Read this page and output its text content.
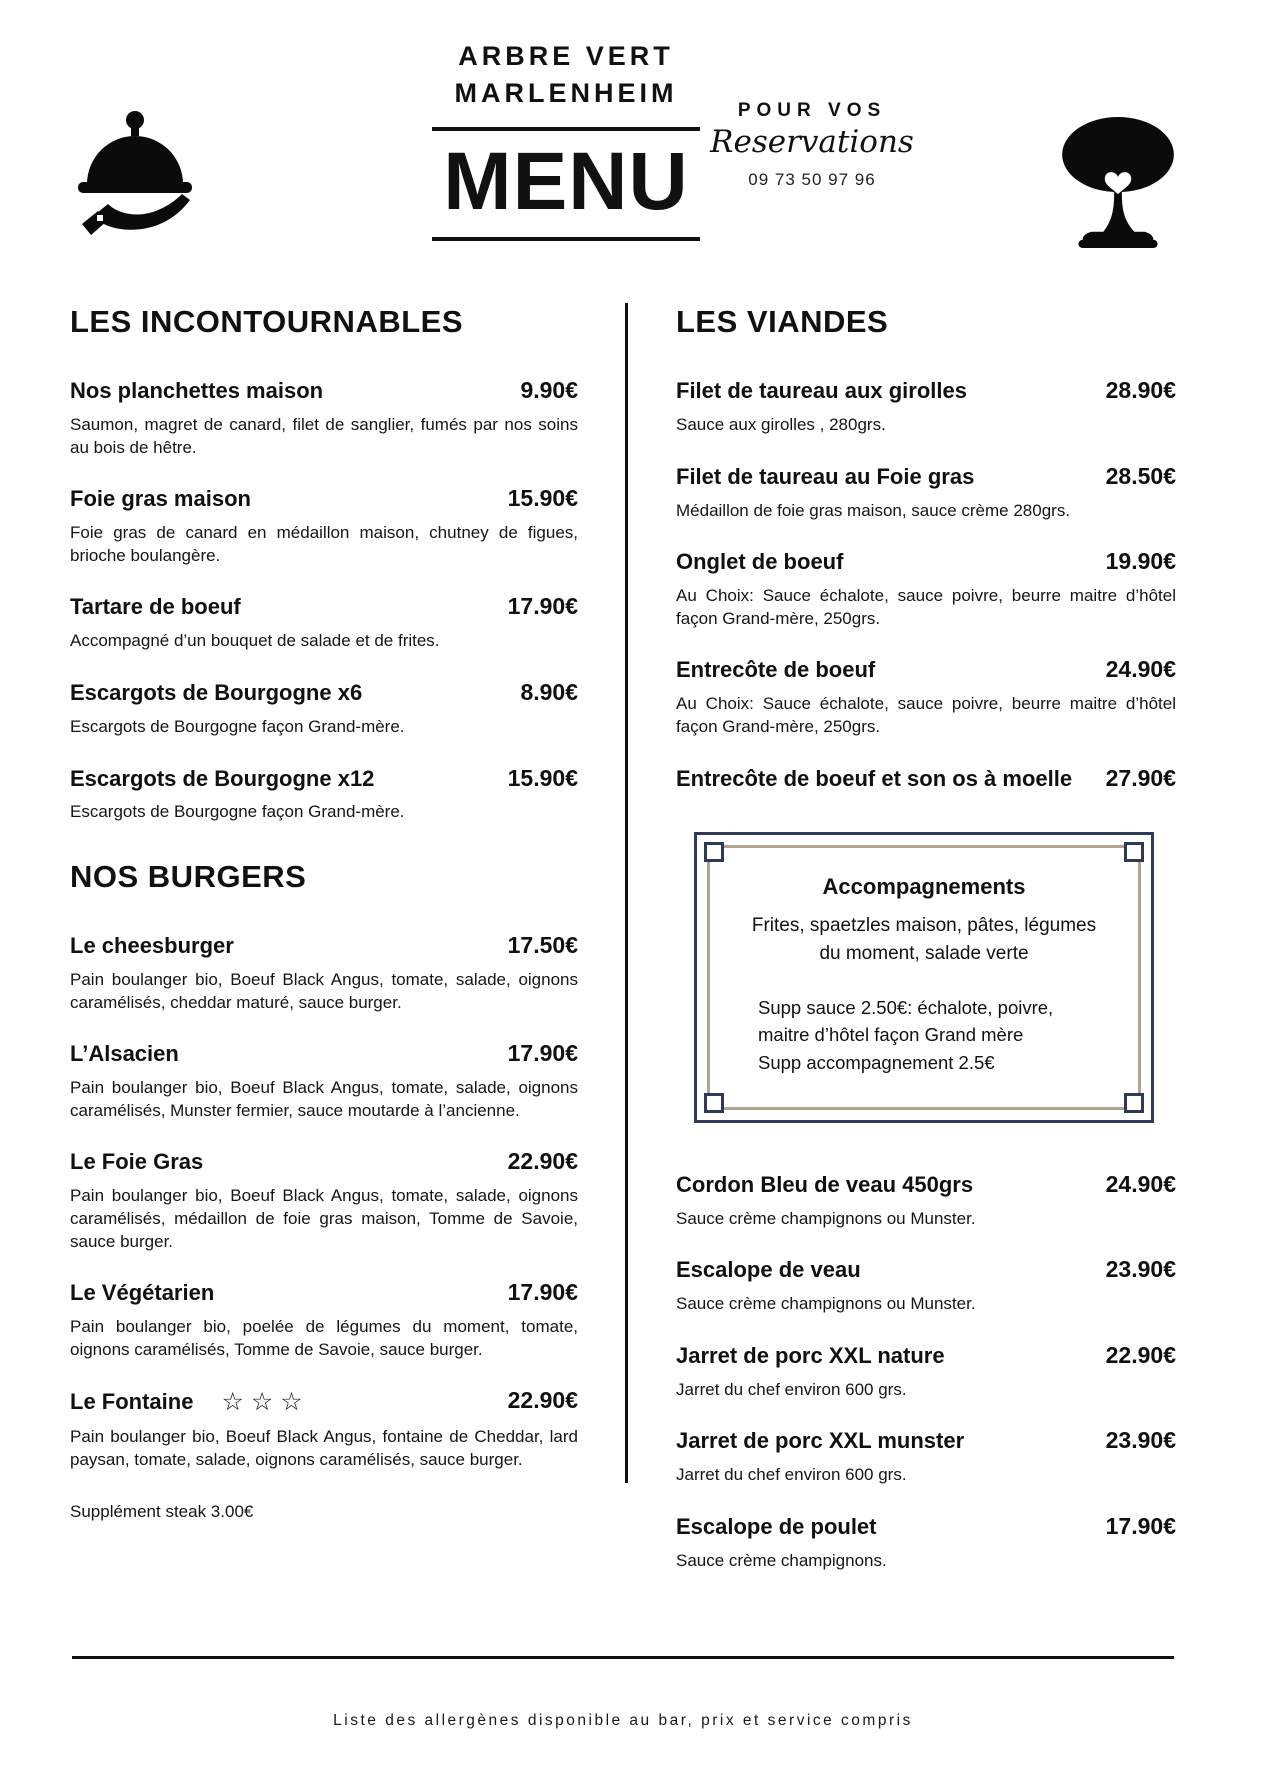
ARBRE VERT
MARLENHEIM
MENU
POUR VOS
Reservations
09 73 50 97 96
LES INCONTOURNABLES
Nos planchettes maison	9.90€
Saumon, magret de canard, filet de sanglier, fumés par nos soins au bois de hêtre.
Foie gras maison	15.90€
Foie gras de canard en médaillon maison, chutney de figues, brioche boulangère.
Tartare de boeuf	17.90€
Accompagné d’un bouquet de salade et de frites.
Escargots de Bourgogne x6	8.90€
Escargots de Bourgogne façon Grand-mère.
Escargots de Bourgogne x12	15.90€
Escargots de Bourgogne façon Grand-mère.
NOS BURGERS
Le cheesburger	17.50€
Pain boulanger bio, Boeuf Black Angus, tomate, salade, oignons caramélisés, cheddar maturé, sauce burger.
L’Alsacien	17.90€
Pain boulanger bio, Boeuf Black Angus, tomate, salade, oignons caramélisés, Munster fermier, sauce moutarde à l’ancienne.
Le Foie Gras	22.90€
Pain boulanger bio, Boeuf Black Angus, tomate, salade, oignons caramélisés, médaillon de foie gras maison, Tomme de Savoie, sauce burger.
Le Végétarien	17.90€
Pain boulanger bio, poelée de légumes du moment, tomate, oignons caramélisés, Tomme de Savoie, sauce burger.
Le Fontaine ☆☆☆	22.90€
Pain boulanger bio, Boeuf Black Angus, fontaine de Cheddar, lard paysan, tomate, salade, oignons caramélisés, sauce burger.
Supplément steak 3.00€
LES VIANDES
Filet de taureau aux girolles	28.90€
Sauce aux girolles , 280grs.
Filet de taureau au Foie gras	28.50€
Médaillon de foie gras maison, sauce crème 280grs.
Onglet de boeuf	19.90€
Au Choix: Sauce échalote, sauce poivre, beurre maitre d’hôtel façon Grand-mère, 250grs.
Entrecôte de boeuf	24.90€
Au Choix: Sauce échalote, sauce poivre, beurre maitre d’hôtel façon Grand-mère, 250grs.
Entrecôte de boeuf et son os à moelle 27.90€
Accompagnements
Frites, spaetzles maison, pâtes, légumes du moment, salade verte
Supp sauce 2.50€: échalote, poivre, maitre d’hôtel façon Grand mère
Supp accompagnement 2.5€
Cordon Bleu de veau 450grs	24.90€
Sauce crème champignons ou Munster.
Escalope de veau	23.90€
Sauce crème champignons ou Munster.
Jarret de porc XXL nature	22.90€
Jarret du chef environ 600 grs.
Jarret de porc XXL munster	23.90€
Jarret du chef environ 600 grs.
Escalope de poulet	17.90€
Sauce crème champignons.
Liste des allergènes disponible au bar, prix et service compris
